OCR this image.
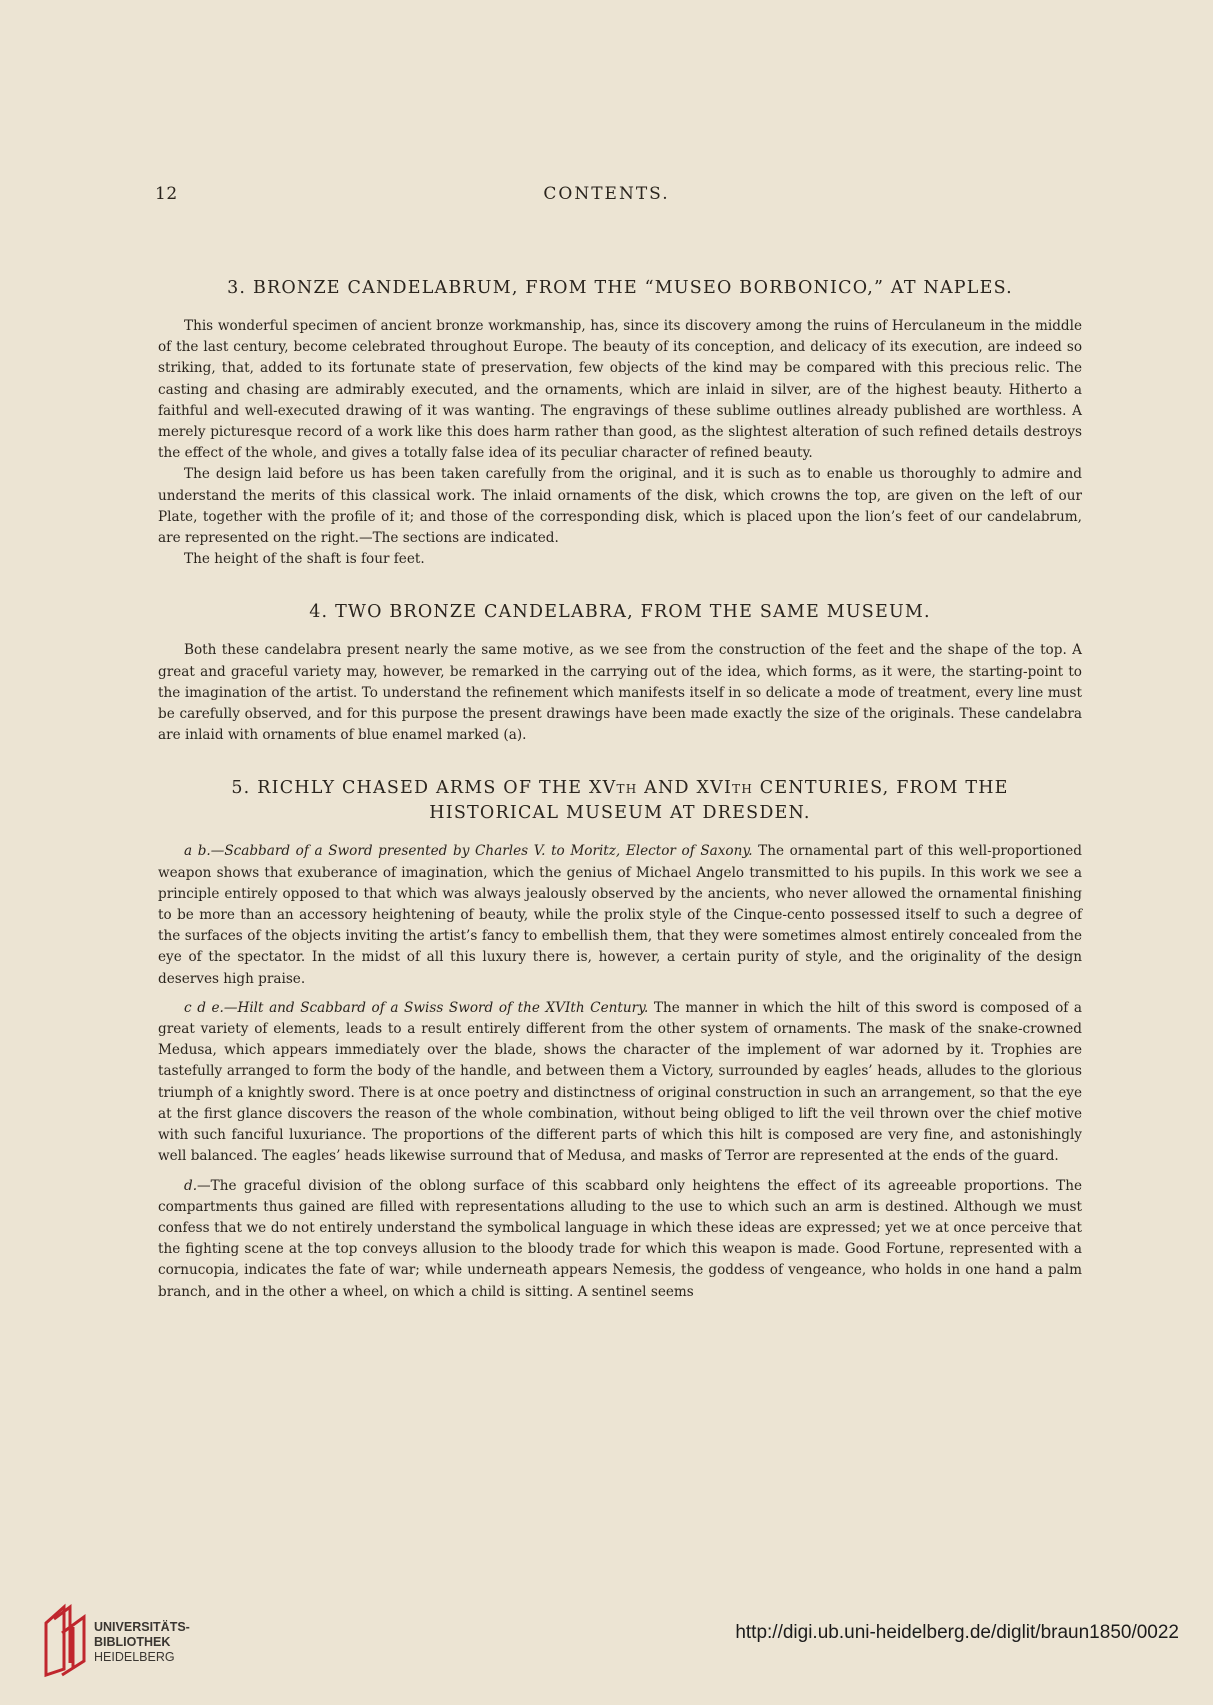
12	CONTENTS.
3. BRONZE CANDELABRUM, FROM THE “MUSEO BORBONICO,” AT NAPLES.

This wonderful specimen of ancient bronze workmanship, has, since its discovery among the ruins of Herculaneum in the middle of the last century, become celebrated throughout Europe. The beauty of its conception, and delicacy of its execution, are indeed so striking, that, added to its fortunate state of preservation, few objects of the kind may be compared with this precious relic. The casting and chasing are admirably executed, and the ornaments, which are inlaid in silver, are of the highest beauty. Hitherto a faithful and well-executed drawing of it was wanting. The engravings of these sublime outlines already published are worthless. A merely picturesque record of a work like this does harm rather than good, as the slightest alteration of such refined details destroys the effect of the whole, and gives a totally false idea of its peculiar character of refined beauty.

The design laid before us has been taken carefully from the original, and it is such as to enable us thoroughly to admire and understand the merits of this classical work. The inlaid ornaments of the disk, which crowns the top, are given on the left of our Plate, together with the profile of it; and those of the corresponding disk, which is placed upon the lion’s feet of our candelabrum, are represented on the right.—The sections are indicated.

The height of the shaft is four feet.

4. TWO BRONZE CANDELABRA, FROM THE SAME MUSEUM.

Both these candelabra present nearly the same motive, as we see from the construction of the feet and the shape of the top. A great and graceful variety may, however, be remarked in the carrying out of the idea, which forms, as it were, the starting-point to the imagination of the artist. To understand the refinement which manifests itself in so delicate a mode of treatment, every line must be carefully observed, and for this purpose the present drawings have been made exactly the size of the originals. These candelabra are inlaid with ornaments of blue enamel marked (a).

5. RICHLY CHASED ARMS OF THE XVTH AND XVITH CENTURIES, FROM THE
HISTORICAL MUSEUM AT DRESDEN.

a b.—Scabbard of a Sword presented by Charles V. to Moritz, Elector of Saxony. The ornamental part of this well-proportioned weapon shows that exuberance of imagination, which the genius of Michael Angelo transmitted to his pupils. In this work we see a principle entirely opposed to that which was always jealously observed by the ancients, who never allowed the ornamental finishing to be more than an accessory heightening of beauty, while the prolix style of the Cinque-cento possessed itself to such a degree of the surfaces of the objects inviting the artist’s fancy to embellish them, that they were sometimes almost entirely concealed from the eye of the spectator. In the midst of all this luxury there is, however, a certain purity of style, and the originality of the design deserves high praise.

c d e.—Hilt and Scabbard of a Swiss Sword of the XVIth Century. The manner in which the hilt of this sword is composed of a great variety of elements, leads to a result entirely different from the other system of ornaments. The mask of the snake-crowned Medusa, which appears immediately over the blade, shows the character of the implement of war adorned by it. Trophies are tastefully arranged to form the body of the handle, and between them a Victory, surrounded by eagles’ heads, alludes to the glorious triumph of a knightly sword. There is at once poetry and distinctness of original construction in such an arrangement, so that the eye at the first glance discovers the reason of the whole combination, without being obliged to lift the veil thrown over the chief motive with such fanciful luxuriance. The proportions of the different parts of which this hilt is composed are very fine, and astonishingly well balanced. The eagles’ heads likewise surround that of Medusa, and masks of Terror are represented at the ends of the guard.

d.—The graceful division of the oblong surface of this scabbard only heightens the effect of its agreeable proportions. The compartments thus gained are filled with representations alluding to the use to which such an arm is destined. Although we must confess that we do not entirely understand the symbolical language in which these ideas are expressed; yet we at once perceive that the fighting scene at the top conveys allusion to the bloody trade for which this weapon is made. Good Fortune, represented with a cornucopia, indicates the fate of war; while underneath appears Nemesis, the goddess of vengeance, who holds in one hand a palm branch, and in the other a wheel, on which a child is sitting. A sentinel seems

UNIVERSITÄTS-
BIBLIOTHEK
HEIDELBERG
http://digi.ub.uni-heidelberg.de/diglit/braun1850/0022
